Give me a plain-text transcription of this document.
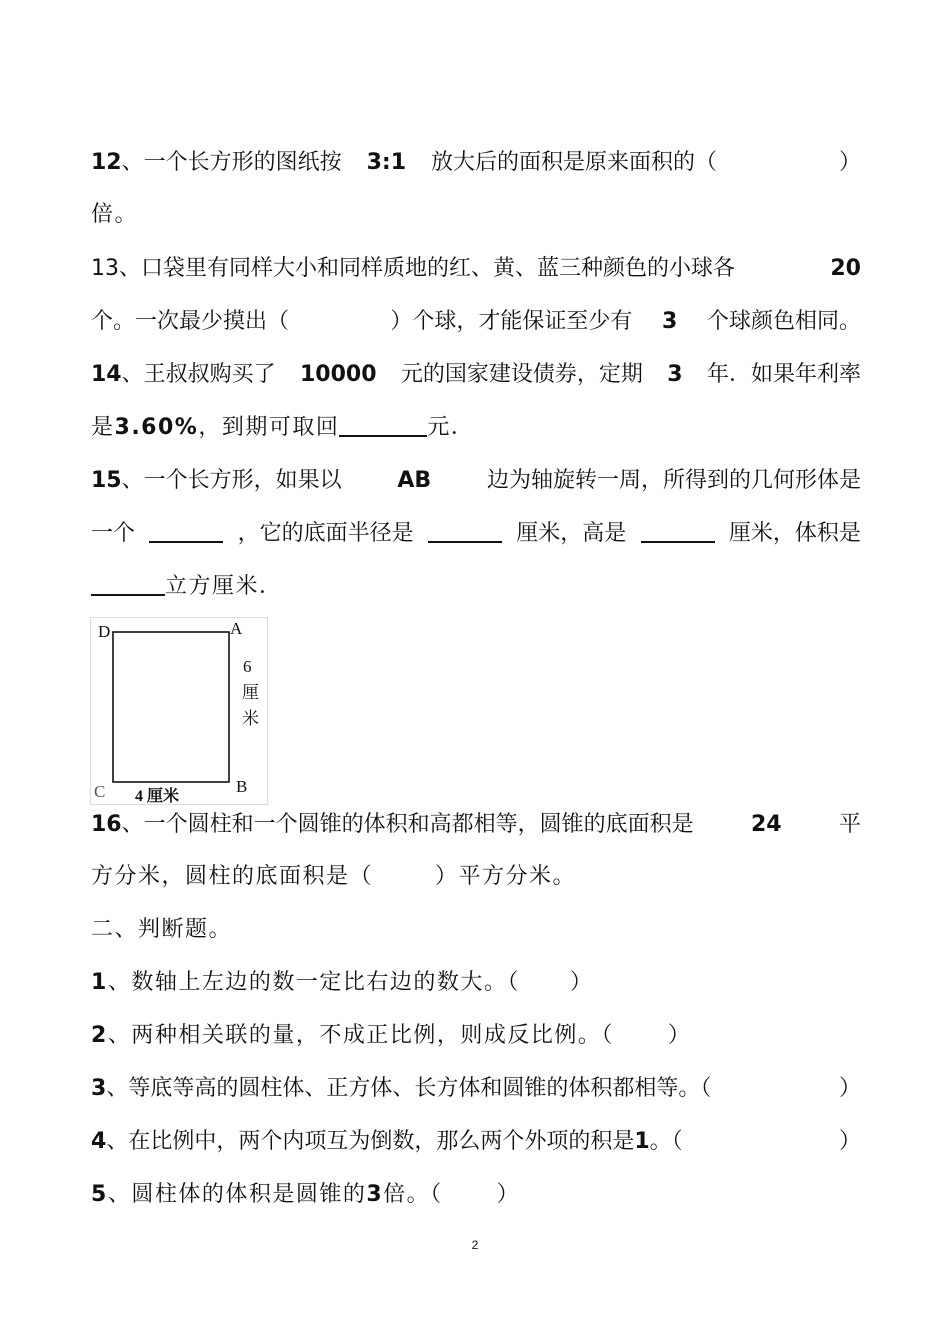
12、一个长方形的图纸按 3:1 放大后的面积是原来面积的（	）
倍。
13、口袋里有同样大小和同样质地的红、黄、蓝三种颜色的小球各	20
个。一次最少摸出（	）个球，才能保证至少有 3 个球颜色相同。
14、王叔叔购买了 10000 元的国家建设债券，定期 3 年．如果年利率
是3.60%，到期可取回	元．
15、一个长方形，如果以	AB	边为轴旋转一周，所得到的几何形体是
一个	，它的底面半径是	厘米，高是	厘米，体积是
立方厘米．
D	A
C	B
6
厘
米
4 厘米
16、一个圆柱和一个圆锥的体积和高都相等，圆锥的底面积是	24	平
方分米，圆柱的底面积是（	）平方分米。
二、判断题。
1、数轴上左边的数一定比右边的数大。（ ）
2、两种相关联的量，不成正比例，则成反比例。（ ）
3、等底等高的圆柱体、正方体、长方体和圆锥的体积都相等。（	）
4、在比例中，两个内项互为倒数，那么两个外项的积是1。（	）
5、圆柱体的体积是圆锥的3倍。（ ）
2
